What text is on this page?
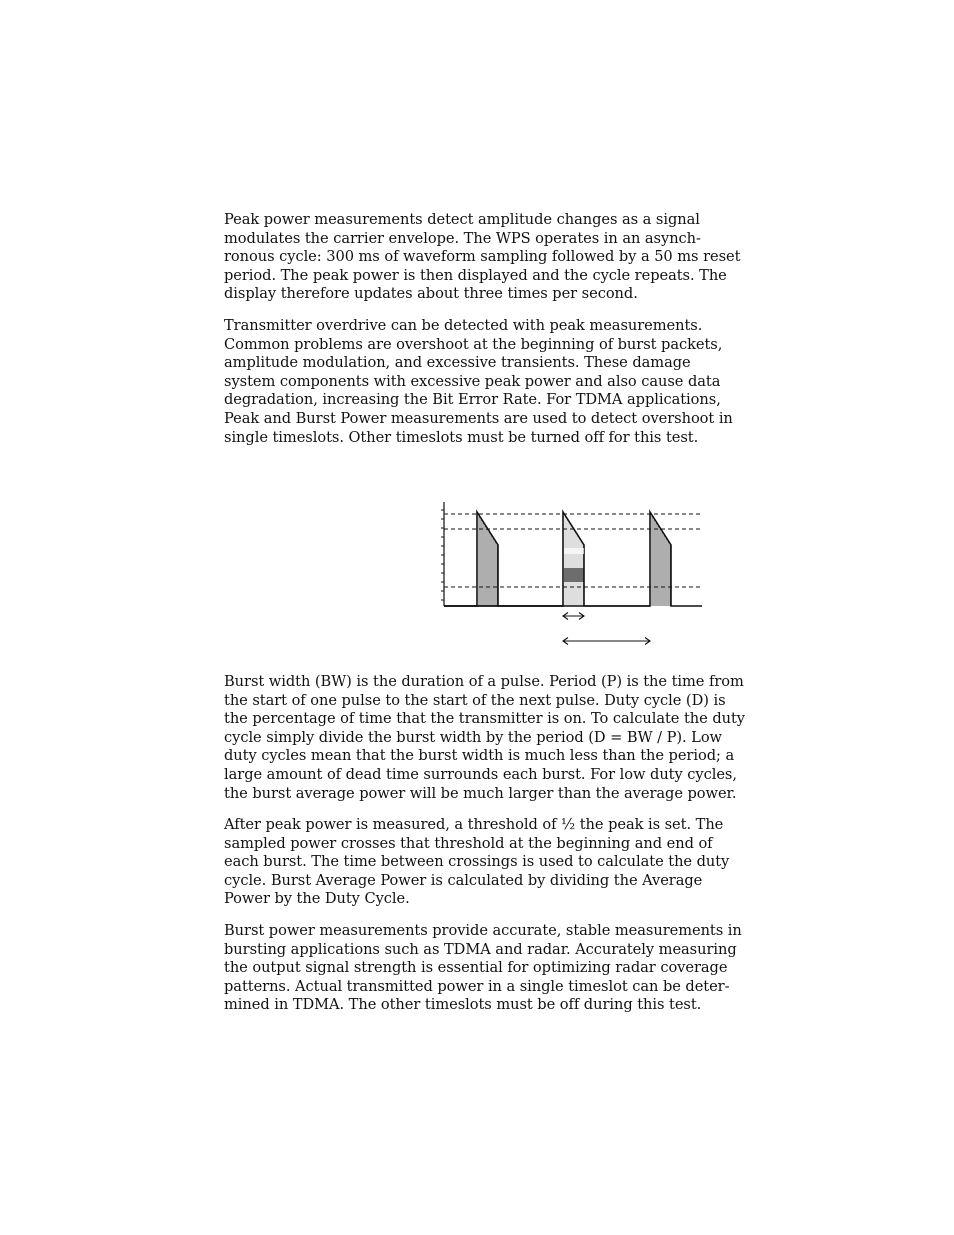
Peak power measurements detect amplitude changes as a signal
modulates the carrier envelope. The WPS operates in an asynch-
ronous cycle: 300 ms of waveform sampling followed by a 50 ms reset
period. The peak power is then displayed and the cycle repeats. The
display therefore updates about three times per second.

Transmitter overdrive can be detected with peak measurements.
Common problems are overshoot at the beginning of burst packets,
amplitude modulation, and excessive transients. These damage
system components with excessive peak power and also cause data
degradation, increasing the Bit Error Rate. For TDMA applications,
Peak and Burst Power measurements are used to detect overshoot in
single timeslots. Other timeslots must be turned off for this test.

Burst width (BW) is the duration of a pulse. Period (P) is the time from
the start of one pulse to the start of the next pulse. Duty cycle (D) is
the percentage of time that the transmitter is on. To calculate the duty
cycle simply divide the burst width by the period (D = BW / P). Low
duty cycles mean that the burst width is much less than the period; a
large amount of dead time surrounds each burst. For low duty cycles,
the burst average power will be much larger than the average power.

After peak power is measured, a threshold of ½ the peak is set. The
sampled power crosses that threshold at the beginning and end of
each burst. The time between crossings is used to calculate the duty
cycle. Burst Average Power is calculated by dividing the Average
Power by the Duty Cycle.

Burst power measurements provide accurate, stable measurements in
bursting applications such as TDMA and radar. Accurately measuring
the output signal strength is essential for optimizing radar coverage
patterns. Actual transmitted power in a single timeslot can be deter-
mined in TDMA. The other timeslots must be off during this test.
